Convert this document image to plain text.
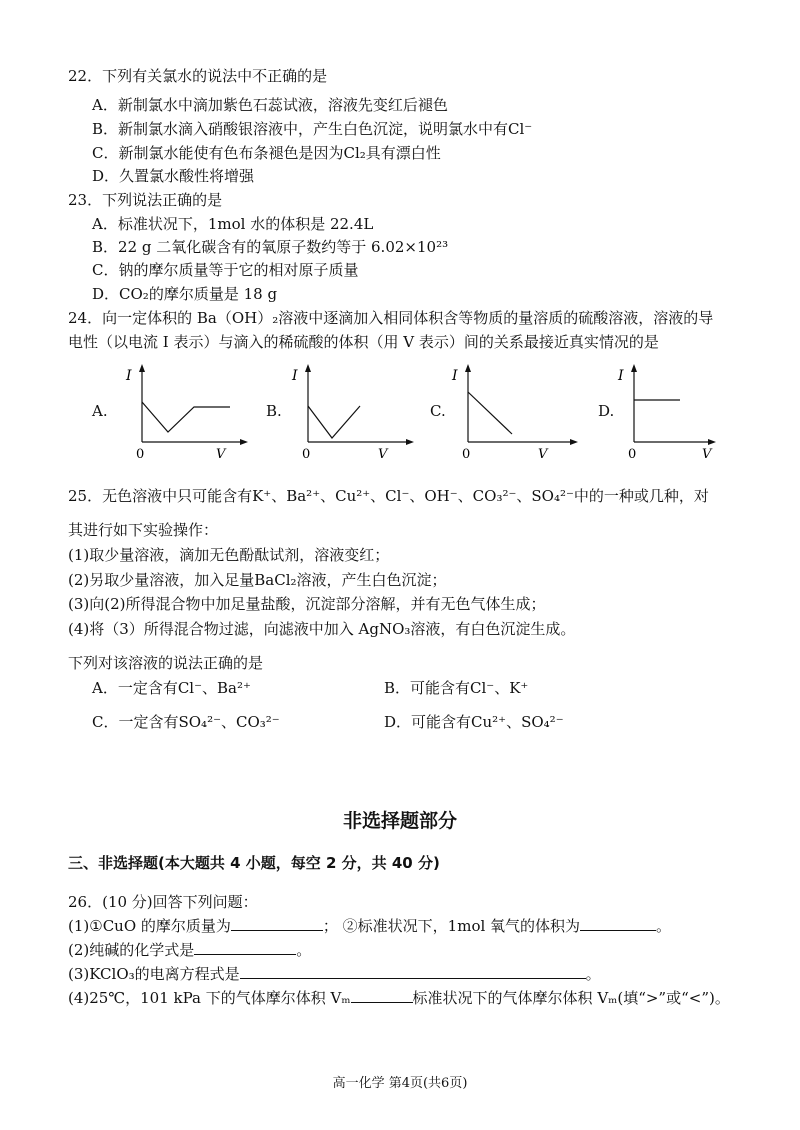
22．下列有关氯水的说法中不正确的是
A．新制氯水中滴加紫色石蕊试液，溶液先变红后褪色
B．新制氯水滴入硝酸银溶液中，产生白色沉淀，说明氯水中有Cl⁻
C．新制氯水能使有色布条褪色是因为Cl₂具有漂白性
D．久置氯水酸性将增强
23．下列说法正确的是
A．标准状况下，1mol 水的体积是 22.4L
B．22 g 二氧化碳含有的氧原子数约等于 6.02×10²³
C．钠的摩尔质量等于它的相对原子质量
D．CO₂的摩尔质量是 18 g
24．向一定体积的 Ba（OH）₂溶液中逐滴加入相同体积含等物质的量溶质的硫酸溶液，溶液的导
电性（以电流 I 表示）与滴入的稀硫酸的体积（用 V 表示）间的关系最接近真实情况的是
A.
I
0	V
B.
I
0	V
C.
I
0	V
D.
I
0	V
25．无色溶液中只可能含有K⁺、Ba²⁺、Cu²⁺、Cl⁻、OH⁻、CO₃²⁻、SO₄²⁻中的一种或几种，对
其进行如下实验操作：
(1)取少量溶液，滴加无色酚酞试剂，溶液变红；
(2)另取少量溶液，加入足量BaCl₂溶液，产生白色沉淀；
(3)向(2)所得混合物中加足量盐酸，沉淀部分溶解，并有无色气体生成；
(4)将（3）所得混合物过滤，向滤液中加入 AgNO₃溶液，有白色沉淀生成。
下列对该溶液的说法正确的是
A．一定含有Cl⁻、Ba²⁺	B．可能含有Cl⁻、K⁺
C．一定含有SO₄²⁻、CO₃²⁻	D．可能含有Cu²⁺、SO₄²⁻
非选择题部分
三、非选择题(本大题共 4 小题，每空 2 分，共 40 分)
26．(10 分)回答下列问题：
(1)①CuO 的摩尔质量为	； ②标准状况下，1mol 氧气的体积为	。
(2)纯碱的化学式是	。
(3)KClO₃的电离方程式是	。
(4)25℃，101 kPa 下的气体摩尔体积 Vₘ	标准状况下的气体摩尔体积 Vₘ(填“>”或“<”)。
高一化学 第4页(共6页)
